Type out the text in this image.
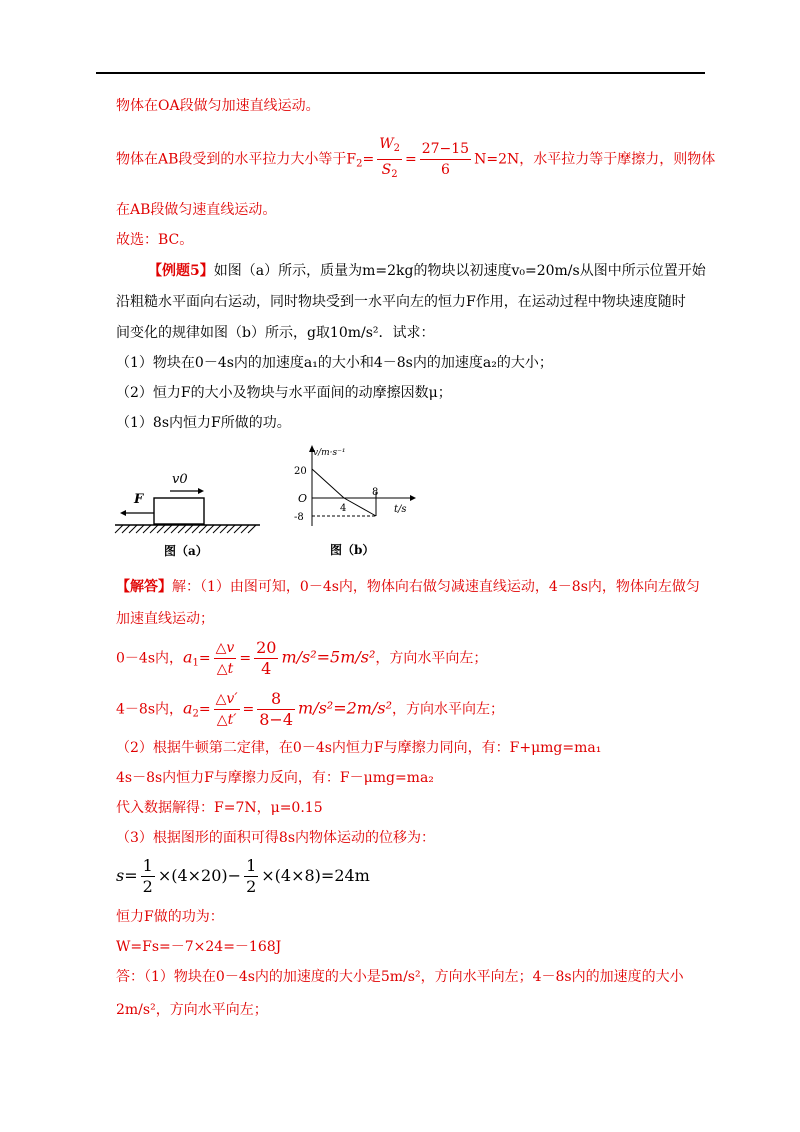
物体在OA段做匀加速直线运动。
物体在AB段受到的水平拉力大小等于$F_2= \frac{W_2}{S_2} = \frac{27-15}{6} N=2N$，水平拉力等于摩擦力，则物体
在AB段做匀速直线运动。
故选：BC。
【例题5】如图（a）所示，质量为m=2kg的物块以初速度v₀=20m/s从图中所示位置开始
沿粗糙水平面向右运动，同时物块受到一水平向左的恒力F作用，在运动过程中物块速度随时
间变化的规律如图（b）所示，g取10m/s²．试求：
（1）物块在0－4s内的加速度a₁的大小和4－8s内的加速度a₂的大小；
（2）恒力F的大小及物块与水平面间的动摩擦因数μ；
（1）8s内恒力F所做的功。
v0
F
图（a）
v/m·s⁻¹
t/s
O
20
-8
4
8
图（b）
【解答】解：（1）由图可知，0－4s内，物体向右做匀减速直线运动，4－8s内，物体向左做匀
加速直线运动；
0－4s内，$a_1= \frac{\triangle v}{\triangle t} = \frac{20}{4} m/s^2=5m/s^2$，方向水平向左；
4－8s内，$a_2= \frac{\triangle v'}{\triangle t'} = \frac{8}{8-4} m/s^2=2m/s^2$，方向水平向左；
（2）根据牛顿第二定律，在0－4s内恒力F与摩擦力同向，有：F+μmg=ma₁
4s－8s内恒力F与摩擦力反向，有：F－μmg=ma₂
代入数据解得：F=7N，μ=0.15
（3）根据图形的面积可得8s内物体运动的位移为：
$s= \frac{1}{2} \times(4\times 20)- \frac{1}{2} \times(4\times 8)=24m$
恒力F做的功为：
W=Fs=－7×24=－168J
答：（1）物块在0－4s内的加速度的大小是5m/s²，方向水平向左；4－8s内的加速度的大小
2m/s²，方向水平向左；
